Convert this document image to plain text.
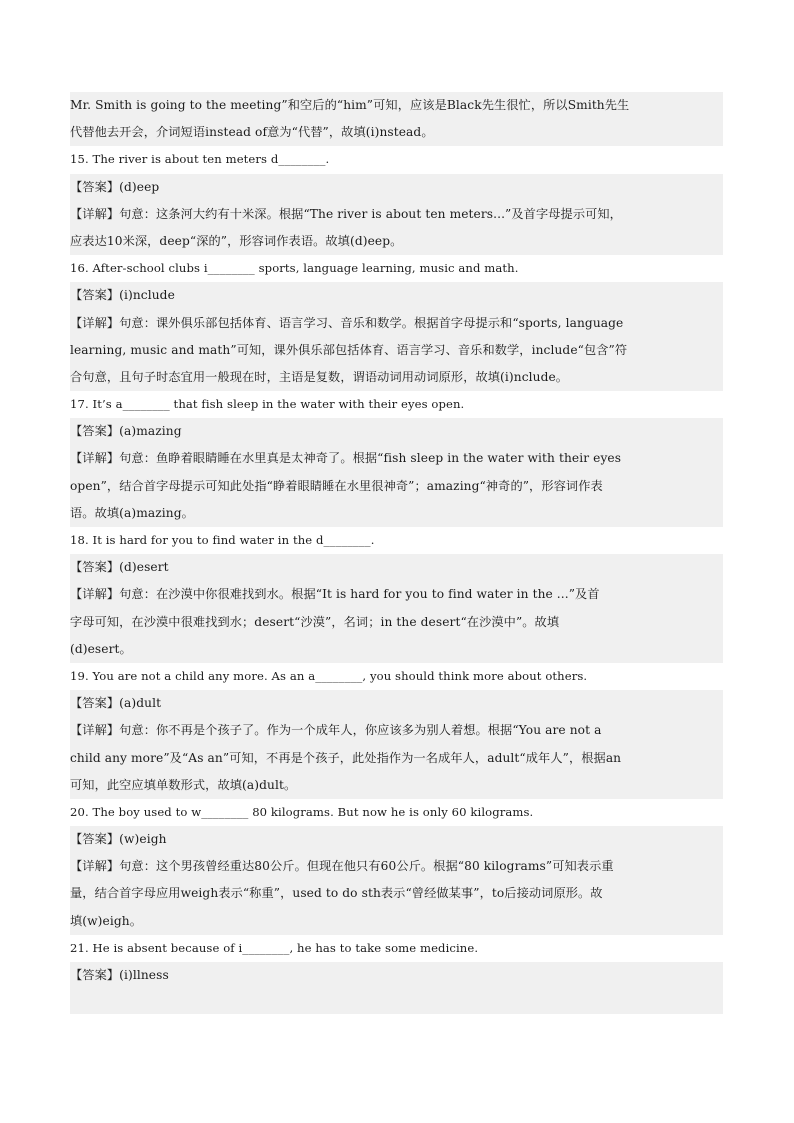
Mr. Smith is going to the meeting”和空后的“him”可知，应该是Black先生很忙，所以Smith先生
代替他去开会，介词短语instead of意为“代替”，故填(i)nstead。
15. The river is about ten meters d________.
【答案】(d)eep
【详解】句意：这条河大约有十米深。根据“The river is about ten meters...”及首字母提示可知，
应表达10米深，deep“深的”，形容词作表语。故填(d)eep。
16. After-school clubs i________ sports, language learning, music and math.
【答案】(i)nclude
【详解】句意：课外俱乐部包括体育、语言学习、音乐和数学。根据首字母提示和“sports, language
learning, music and math”可知，课外俱乐部包括体育、语言学习、音乐和数学，include“包含”符
合句意，且句子时态宜用一般现在时，主语是复数，谓语动词用动词原形，故填(i)nclude。
17. It’s a________ that fish sleep in the water with their eyes open.
【答案】(a)mazing
【详解】句意：鱼睁着眼睛睡在水里真是太神奇了。根据“fish sleep in the water with their eyes
open”，结合首字母提示可知此处指“睁着眼睛睡在水里很神奇”；amazing“神奇的”，形容词作表
语。故填(a)mazing。
18. It is hard for you to find water in the d________.
【答案】(d)esert
【详解】句意：在沙漠中你很难找到水。根据“It is hard for you to find water in the ...”及首
字母可知，在沙漠中很难找到水；desert“沙漠”，名词；in the desert“在沙漠中”。故填
(d)esert。
19. You are not a child any more. As an a________, you should think more about others.
【答案】(a)dult
【详解】句意：你不再是个孩子了。作为一个成年人，你应该多为别人着想。根据“You are not a
child any more”及“As an”可知，不再是个孩子，此处指作为一名成年人，adult“成年人”，根据an
可知，此空应填单数形式，故填(a)dult。
20. The boy used to w________ 80 kilograms. But now he is only 60 kilograms.
【答案】(w)eigh
【详解】句意：这个男孩曾经重达80公斤。但现在他只有60公斤。根据“80 kilograms”可知表示重
量，结合首字母应用weigh表示“称重”，used to do sth表示“曾经做某事”，to后接动词原形。故
填(w)eigh。
21. He is absent because of i________, he has to take some medicine.
【答案】(i)llness
